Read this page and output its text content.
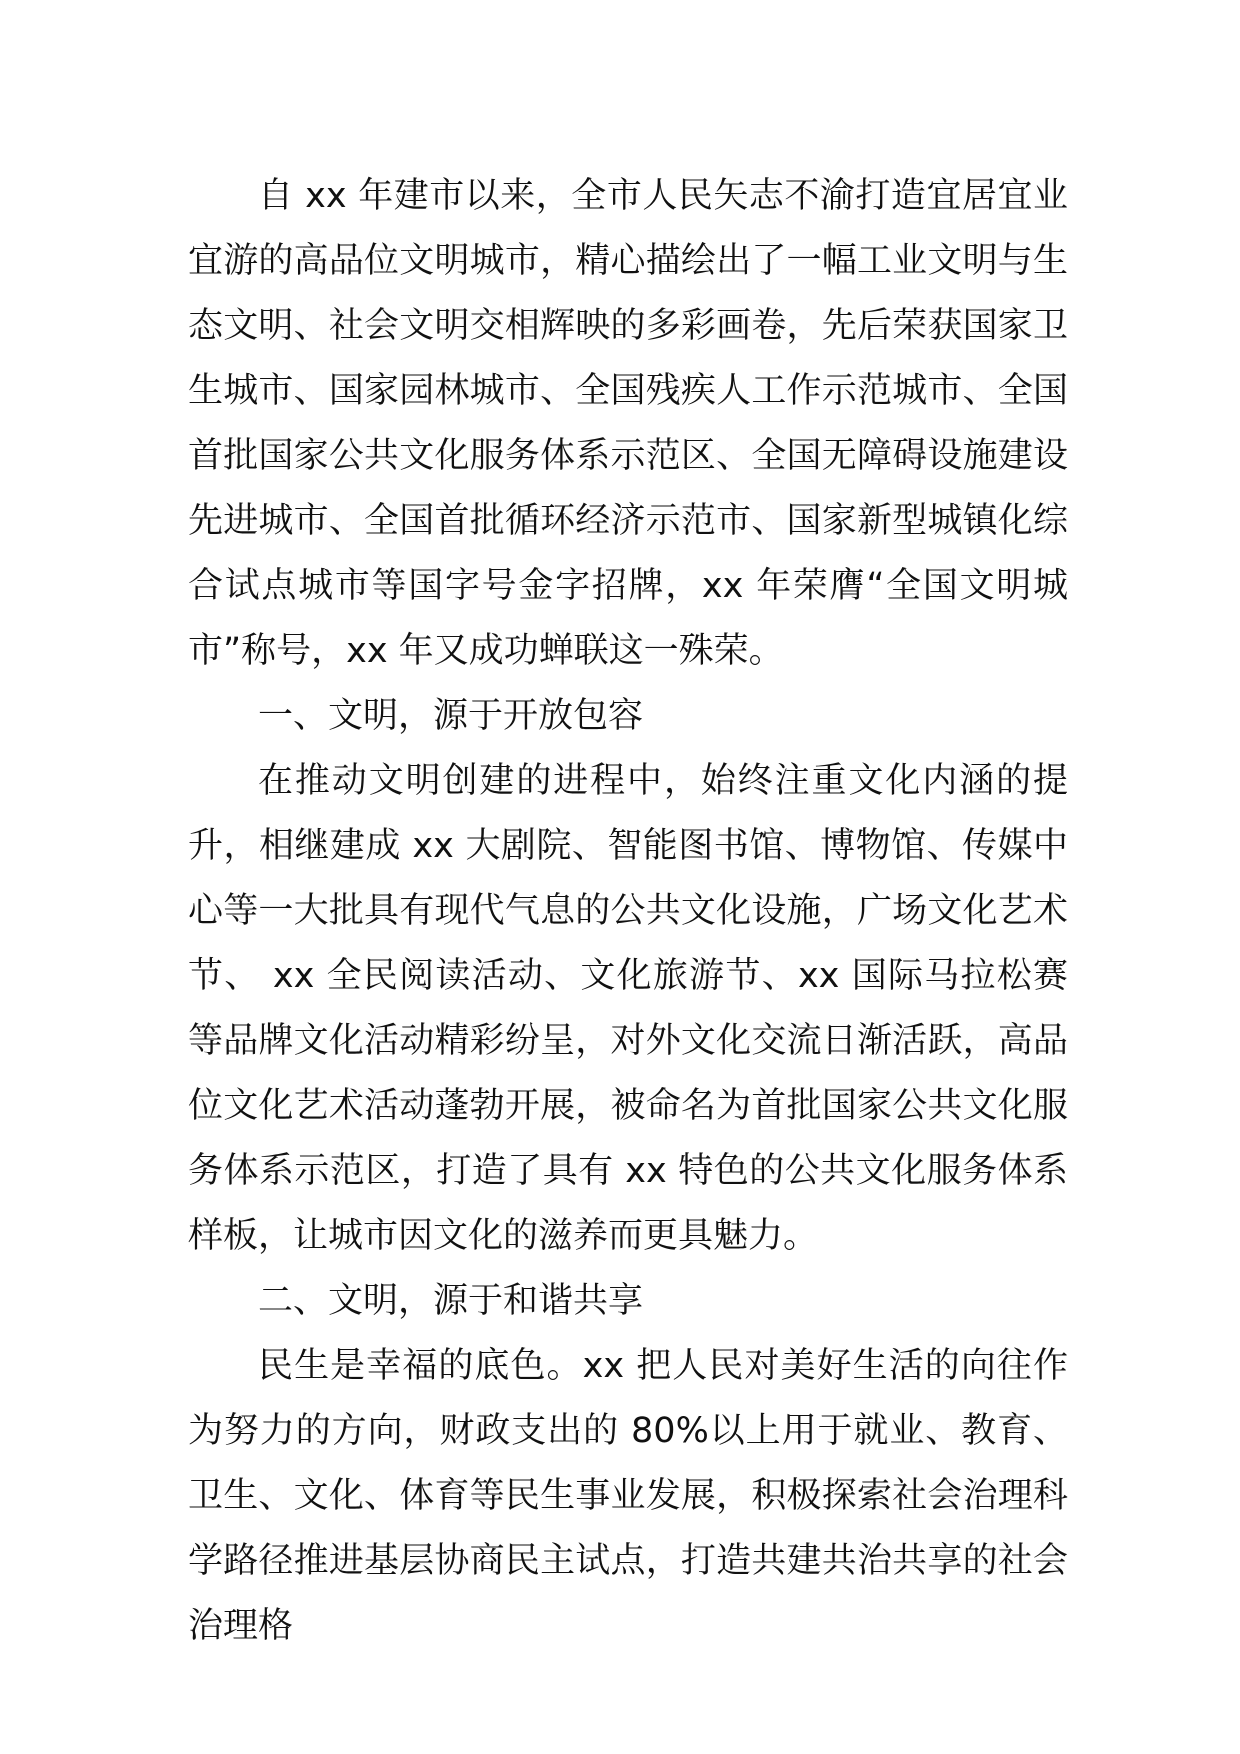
自 xx 年建市以来，全市人民矢志不渝打造宜居宜业宜游的高品位文明城市，精心描绘出了一幅工业文明与生态文明、社会文明交相辉映的多彩画卷，先后荣获国家卫生城市、国家园林城市、全国残疾人工作示范城市、全国首批国家公共文化服务体系示范区、全国无障碍设施建设先进城市、全国首批循环经济示范市、国家新型城镇化综合试点城市等国字号金字招牌，xx 年荣膺“全国文明城市”称号，xx 年又成功蝉联这一殊荣。

一、文明，源于开放包容

在推动文明创建的进程中，始终注重文化内涵的提升，相继建成 xx 大剧院、智能图书馆、博物馆、传媒中心等一大批具有现代气息的公共文化设施，广场文化艺术节、 xx 全民阅读活动、文化旅游节、xx 国际马拉松赛等品牌文化活动精彩纷呈，对外文化交流日渐活跃，高品位文化艺术活动蓬勃开展，被命名为首批国家公共文化服务体系示范区，打造了具有 xx 特色的公共文化服务体系样板，让城市因文化的滋养而更具魅力。

二、文明，源于和谐共享

民生是幸福的底色。xx 把人民对美好生活的向往作为努力的方向，财政支出的 80%以上用于就业、教育、卫生、文化、体育等民生事业发展，积极探索社会治理科学路径推进基层协商民主试点，打造共建共治共享的社会治理格
